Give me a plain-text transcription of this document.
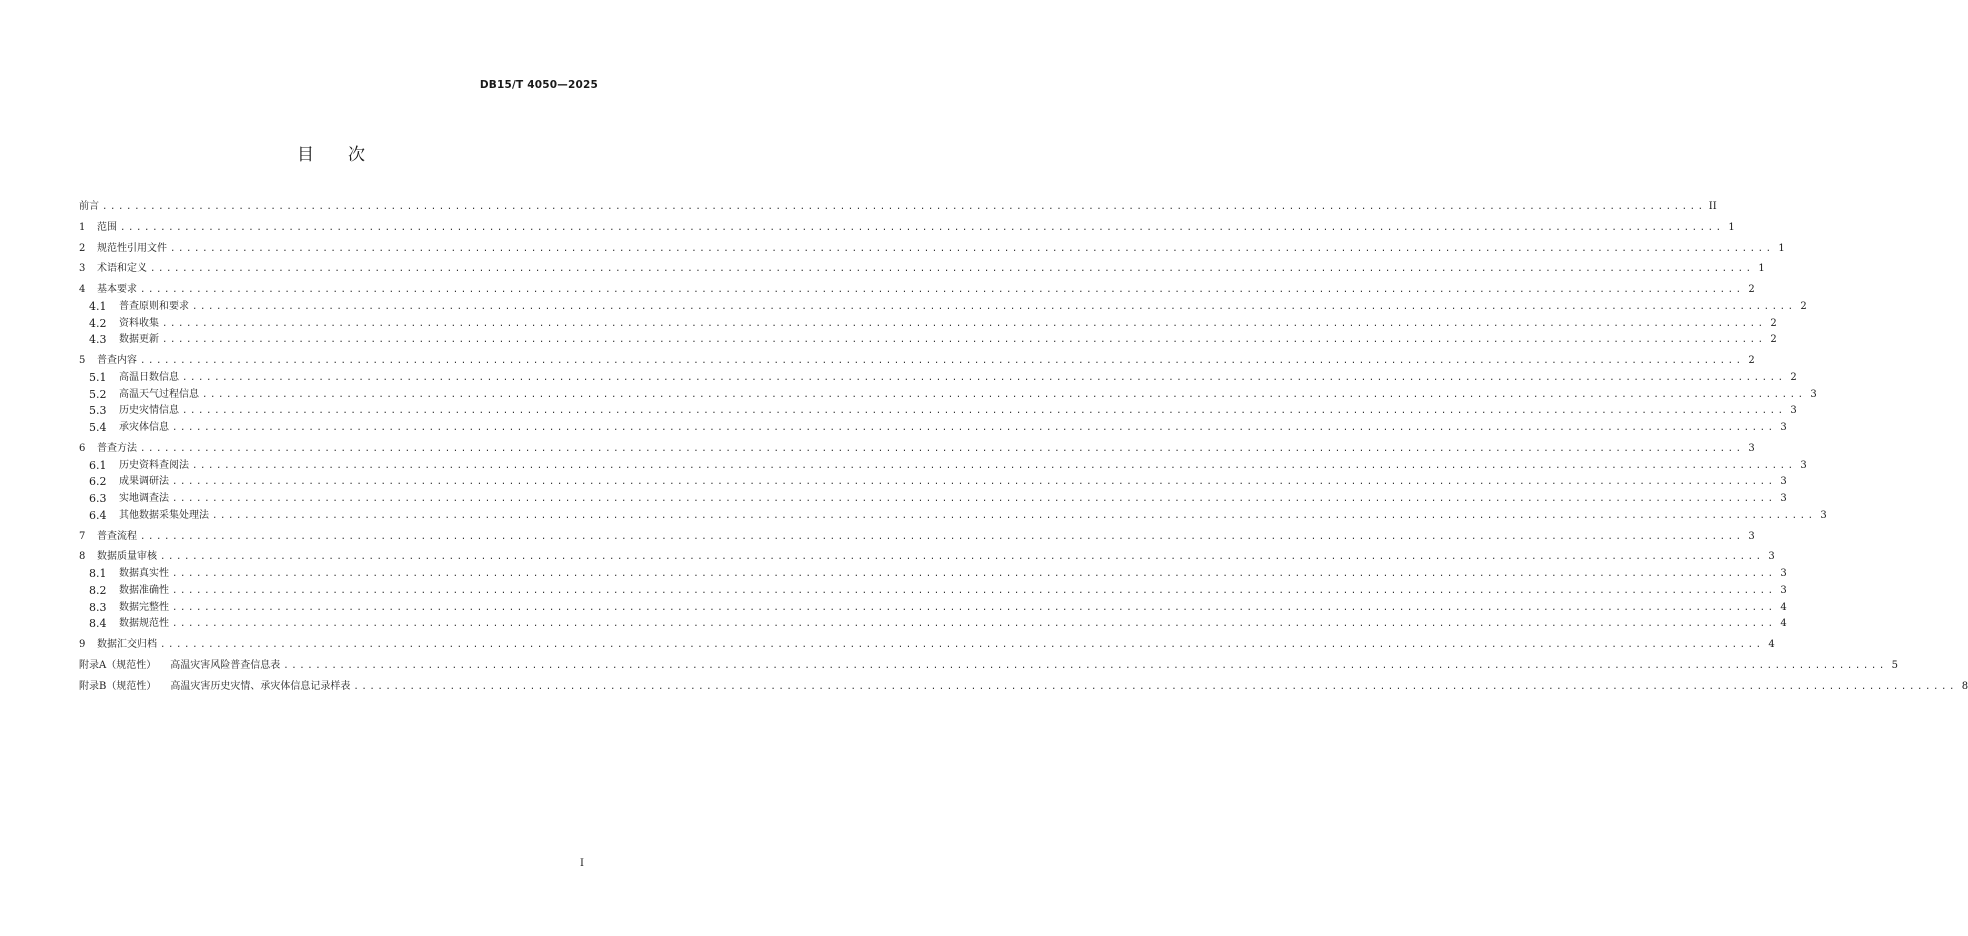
DB15/T 4050—2025
目次
前言 ........................................................................................................................................................................................................ II
1	范围 ........................................................................................................................................................................................................ 1
2	规范性引用文件 ........................................................................................................................................................................................................ 1
3	术语和定义 ........................................................................................................................................................................................................ 1
4	基本要求 ........................................................................................................................................................................................................ 2
4.1	普查原则和要求 ........................................................................................................................................................................................................ 2
4.2	资料收集 ........................................................................................................................................................................................................ 2
4.3	数据更新 ........................................................................................................................................................................................................ 2
5	普查内容 ........................................................................................................................................................................................................ 2
5.1	高温日数信息 ........................................................................................................................................................................................................ 2
5.2	高温天气过程信息 ........................................................................................................................................................................................................ 3
5.3	历史灾情信息 ........................................................................................................................................................................................................ 3
5.4	承灾体信息 ........................................................................................................................................................................................................ 3
6	普查方法 ........................................................................................................................................................................................................ 3
6.1	历史资料查阅法 ........................................................................................................................................................................................................ 3
6.2	成果调研法 ........................................................................................................................................................................................................ 3
6.3	实地调查法 ........................................................................................................................................................................................................ 3
6.4	其他数据采集处理法 ........................................................................................................................................................................................................ 3
7	普查流程 ........................................................................................................................................................................................................ 3
8	数据质量审核 ........................................................................................................................................................................................................ 3
8.1	数据真实性 ........................................................................................................................................................................................................ 3
8.2	数据准确性 ........................................................................................................................................................................................................ 3
8.3	数据完整性 ........................................................................................................................................................................................................ 4
8.4	数据规范性 ........................................................................................................................................................................................................ 4
9	数据汇交归档 ........................................................................................................................................................................................................ 4
附录A（规范性） 高温灾害风险普查信息表 ........................................................................................................................................................................................................ 5
附录B（规范性） 高温灾害历史灾情、承灾体信息记录样表 ........................................................................................................................................................................................................ 8
I
